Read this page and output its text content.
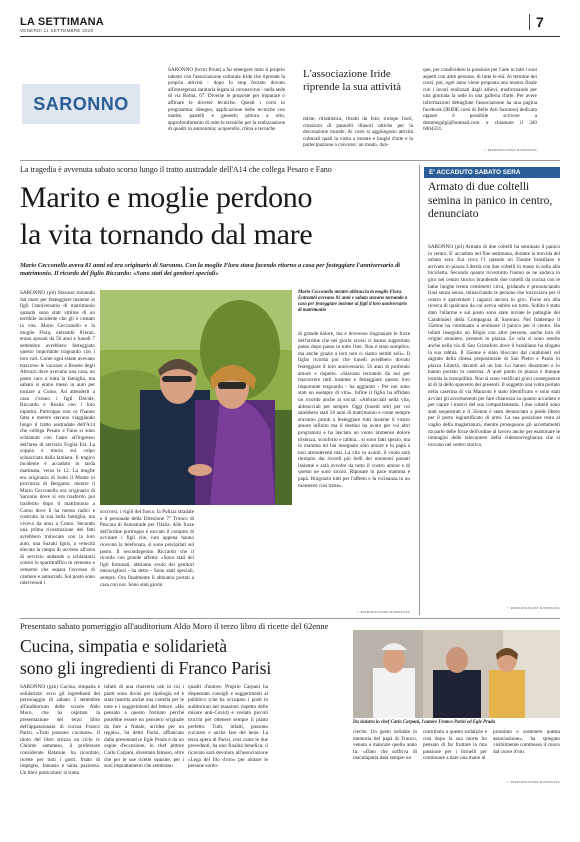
LA SETTIMANA
VENERDÌ 11 SETTEMBRE 2020
7
SARONNO
SARONNO (bcm) Pronti a far emergere tutto il proprio talento con l'associazione culturale Iride che riprende la propria attività - dopo lo stop forzato dovuto all'emergenza sanitaria legata al coronavirus - nella sede di via Roma, 67. Diverse le proposte per imparare o affinare le diverse tecniche. Questi i corsi in programma: disegno, applicazione delle tecniche con matite, pastelli e gessetti; pittura a olio, approfondimento di tutte le tecniche per la realizzazione di quadri in autonomia; acquerello, china e tecniche
L'associazione Iride riprende la sua attività
miste; ritrattistica, ritratti da foto; trompe l'oeil, creazioni di pannelli illusori ottiche per la decorazione murale. Ai corsi si aggiungono attività culturali quali la visita a mostre e luoghi d'arte e la partecipazione a concorsi; un modo, dun-
que, per condividere la passione per l'arte in tutti i suoi aspetti con altre persone, di tutte le età. Al termine dei corsi, poi, ogni anno viene proposta una mostra finale con i lavori realizzati dagli allievi, trasformando per una giornata la sede in una galleria d'arte. Per avere informazioni dettagliate l'associazione ha una pagina facebook (IRIDE corsi di Belle Arti Saronno) dedicata oppure è possibile scrivere a demmegalgi@hotmail.com o chiamare il 340 6004331.
© RIPRODUZIONE RISERVATA
La tragedia è avvenuta sabato scorso lungo il tratto austradale dell'A14 che collega Pesaro e Fano
Marito e moglie perdono
la vita tornando dal mare
Mario Cecconello aveva 81 anni ed era originario di Saronno. Con la moglie Flora stava facendo ritorno a casa per festeggiare l'anniversario di matrimonio. Il ricordo del figlio Riccardo: «Sono stati dei genitori speciali»
SARONNO (pil) Stavano tornando dal mare per festeggiare insieme ai figli l'anniversario di matrimonio quando sono stati vittime di un terribile incidente che gli è costato la vita. Mario Cecconello e la moglie Flora, entrambi 81enni, erano sposati da 56 anni e lunedì 7 settembre avrebbero festeggiato questo importante traguardo con i loro cari. Come ogni estate avevano trascorso le vacanze a Roseto degli Abruzzi dove avevano una casa, un posto caro a tutta la famiglia, ma sabato si erano messi in auto per tornare a Como. Ad attenderli a casa c'erano i figli Davide, Riccardo e Rosita con i loro nipotini. Purtroppo non ce l'hanno fatta e mentre stavano viaggiando lungo il tratto austradale dell'A14 che collega Pesaro e Fano si sono schiantati con l'auto all'ingresso dell'area di servizio Foglia Est. La coppia è morta sul colpo schiacciata dalla lamiera. Il tragico incidente è accaduto in tarda mattinata, verso le 12. La moglie era originaria di Sotto il Monte in provincia di Bergamo, mentre il Mario Cecconello era originario di Saronno dove si era trasferito poi trasferito dopo il matrimonio a Como dove li ha messo radici e costruito la sua bella famiglia, ma viveva da anni a Como. Secondo una prima ricostruzione dei fatti avrebbero trubocato con la loro auto, una Suzuki Ignis, a velocità elevata la rampa di accesso all'area di servizio andando a schiantarsi contro lo spartitraffico in cemento e cemento che separa l'accesso di cantiere e autostradi. Sul posto sono intervenuti i
Mario Cecconello mentre abbraccia la moglie Flora. Entrambi avevano 81 anni e sabato stavano tornando a casa per festeggiare insieme ai figli il loro anniversario di matrimonio
soccorsi, i vigili del fuoco, la Polizia stradale e il personale della Direzione 7° Tronco di Pescara di Autostrade per l'Italia. Alle forze dell'ordine purtroppo è toccato il compito di avvisare i figli che, non appena hanno ricevuto la telefonata, si sono precipitati sul posto. Il secondogenito Riccardo che il ricordo con grande affetto: «Sono stati dei figli fortunati, abbiamo avuto dei genitori meravigliosi - ha detto - Sono stati speciali, sempre. Ora finalmente li abbiamo portati a casa con noi. Sono stati giorni
di grande dolore, ma è doveroso ringraziare le forze dell'ordine che nei giorni scorsi ci hanno supportato passo dopo passo in tutto l'iter. Non è stato semplice, ma anche grazie a loro non ci siamo sentiti soli». Il figlio ricorda poi che lunedì avrebbero dovuto festeggiare il loro anniversario. 56 anni di profondo amore e rispetto. «Stavano tornando da noi per trascorrere tutti insieme e festeggiare questo loro importante traguardo - ha aggiunto - Per noi sono stati un esempio di vita». Infine il figlio ha affidato un ricordo anche ai social: «Abbracciali nella vita, abbracciali per sempre. Oggi (lunedì ndr) per voi sarebbero stati 56 anni di matrimonio e come sempre eravamo pronti a festeggiare tutti insieme il vostro amore infinito ma il destino ha avuto per voi altri programmi e ha lasciato un vuoto immenso dolore tristezza, sconforto e rabbia... si sono fatti spezio, ma io mamma mi hai insegnato solo amore e tu papà a non arrenderemi mai. La vita va avanti, il vuoto sarà riempito dai ricordi più belli dei momenti passati insieme e sarà avvolto da tutto il vostro amore e di questo ne sono sicuro. Riposate in pace mamma e papà. Ringrazio tutti per l'affetto e la vicinanza in un momento così triste».
© RIPRODUZIONE RISERVATA
E' ACCADUTO SABATO SERA
Armato di due coltelli semina in panico in centro, denunciato
SARONNO (pil) Armato di due coltelli ha seminato il panico in centro. E' accaduto nel fine settimana, durante la movida del sabato sera. Era circa l'1 quando un 35enne brasiliano è arrivato in piazza Libertà con due coltelli in mano in sella alla bicicletta. Secondo quanto ricostruito l'uomo se ne andava in giro nel centro storico brandendo due coltelli da cucina con le lame lunghe trenta centimetri circa, gridando e pronunciando frasi senza senso, minacciando le persone che incrociava per il centro e spaventare i ragazzi ancora in giro. Forse era alla ricerca di qualcuno da cui aveva subito un torto. Subito è stato dato l'allarme e sul posto sono state inviate le pattuglie dei Carabinieri della Compagnia di Saronno. Nel frattempo il 35enne ha continuato a seminare il panico per il centro. Ha infatti inseguito un Bilgio con altre persone, anche loro di origini straniere, presenti in piazza. Le urla si sono sentite anche nella via di San Cristoforo dove il brasiliano ha sfogato la sua rabbia. Il 35enne è stato bloccato dai carabinieri sul sagrato della chiesa prepositurale di San Pietro e Paolo in piazza Libertà, davanti ad un bar. Lo hanno disarmato e lo hanno portato in caserma. A quel punto in piazza è dunque tornata la tranquillità. Non si sono verificati gravi conseguenze al di là dello spavento dei presenti. Il soggetto una volta portato nella caserma di via Manzoni è stato identificato e sono stati avviati gli accertamenti per fare chiarezza su quanto accaduto e per capire i motivi del suo comportamento. I due coltelli sono stati sequestrati e il 35enne è stato denunciato a piede libero per il porto ingiustificato di armi. La sua posizione resta al vaglio della magistratura, mentre proseguono gli accertamenti da parte delle forze dell'ordine al lavoro anche per esaminare le immagini delle telecamere della videosorveglianza che si trovano nel centro storico.
© RIPRODUZIONE RISERVATA
Presentato sabato pomeriggio all'auditorium Aldo Moro il terzo libro di ricette del 62enne
Cucina, simpatia e solidarietà
sono gli ingredienti di Franco Parisi
Da sinistra lo chef Carlo Carpani, l'autore Franco Parisi ed Egle Prada
SARONNO (gzn) Cucina, simpatia e solidarietà: ecco gli ingredienti del personaggio di sabato 5 settembre all'auditorium delle scuole Aldo Moro, che ha ospitato la presentazione del terzo libro dell'appassionato di cucina Franco Parisi. «Tutti possono cucinare». Il titolo del libro strizza un ciclo tv Chiome sammeso, il professore considerate Ratatuie, ha ricordato, ricette per tutti i gusti, frutto di impegno, fantasia e tanta pazienza. Un libro particolare: si tratta
infatti di una chiavetta usb in cui i piatti sono divisi per tipologia ed è stata inserita anche una cartella per le note e i suggerimenti del lettore. «Ho pensato a questo formato perché potrebbe essere un pensiero originale da fare a Natale, un'idea per un regalo», ha detto Parisi, affiancato dalla presentatrice Egle Prada e da un ospite d'eccezione, lo chef pittore Carlo Carpani, diventato famoso, oltre che per le sue ricette squisite, per i suoi impiattamenti che sembrano
quadri d'autore. Proprio Carpani ha dispensato consigli e suggerimenti al pubblico (che ha occupato i posti in auditorium nel massimo rispetto delle misure anti-Covid) e svelato piccoli trucchi per ottenere sempre il piatto perfetto. Tutti, infatti, possono cucinare e anche fare del bene. La terza opera di Parisi, così come le due precedenti, ha uno finalità benefica: il ricavato sarà devoluto all'associazione «Lega del filo d'oro» per aiutare le persone sordo-
cieche. Un gesto solidale in memoria del papà di Franco, venuto a mancare quello anno fa: «Dato che soffriva di maculopatia data sempre un
contributo a questo sodalizio e così dopo la sua morte ho pensato di far fruttare la mia passione per i fornelli per continuare a dare una mano al
prossimo e sostenere questa associazione», ha spiegato visibilmente commosso il cuoco dal cuore d'oro.
© RIPRODUZIONE RISERVATA
